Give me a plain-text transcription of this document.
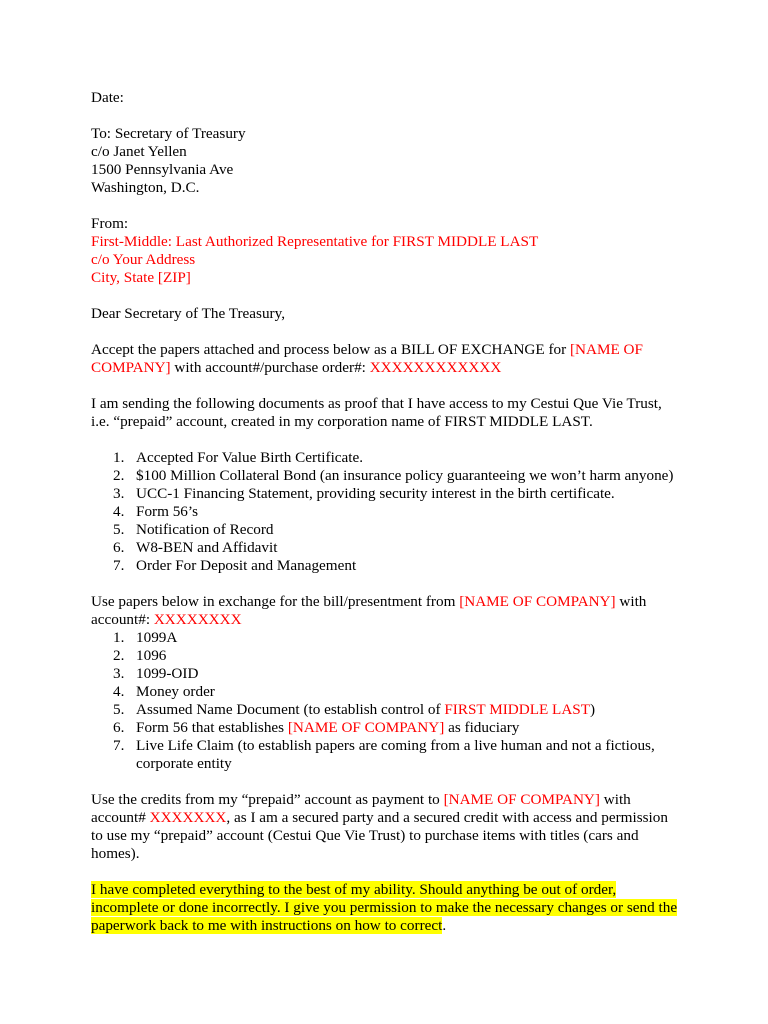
Date:

To: Secretary of Treasury

c/o Janet Yellen

1500 Pennsylvania Ave

Washington, D.C.

From:

First-Middle: Last Authorized Representative for FIRST MIDDLE LAST

c/o Your Address

City, State [ZIP]

Dear Secretary of The Treasury,

Accept the papers attached and process below as a BILL OF EXCHANGE for [NAME OF

COMPANY] with account#/purchase order#: XXXXXXXXXXXX

I am sending the following documents as proof that I have access to my Cestui Que Vie Trust,

i.e. “prepaid” account, created in my corporation name of FIRST MIDDLE LAST.

1. Accepted For Value Birth Certificate.
2. $100 Million Collateral Bond (an insurance policy guaranteeing we won’t harm anyone)
3. UCC-1 Financing Statement, providing security interest in the birth certificate.
4. Form 56’s
5. Notification of Record
6. W8-BEN and Affidavit
7. Order For Deposit and Management

Use papers below in exchange for the bill/presentment from [NAME OF COMPANY] with

account#: XXXXXXXX

1. 1099A
2. 1096
3. 1099-OID
4. Money order
5. Assumed Name Document (to establish control of FIRST MIDDLE LAST)
6. Form 56 that establishes [NAME OF COMPANY] as fiduciary
7. Live Life Claim (to establish papers are coming from a live human and not a fictious,
corporate entity

Use the credits from my “prepaid” account as payment to [NAME OF COMPANY] with

account# XXXXXXX, as I am a secured party and a secured credit with access and permission

to use my “prepaid” account (Cestui Que Vie Trust) to purchase items with titles (cars and

homes).

I have completed everything to the best of my ability. Should anything be out of order,

incomplete or done incorrectly. I give you permission to make the necessary changes or send the

paperwork back to me with instructions on how to correct.
